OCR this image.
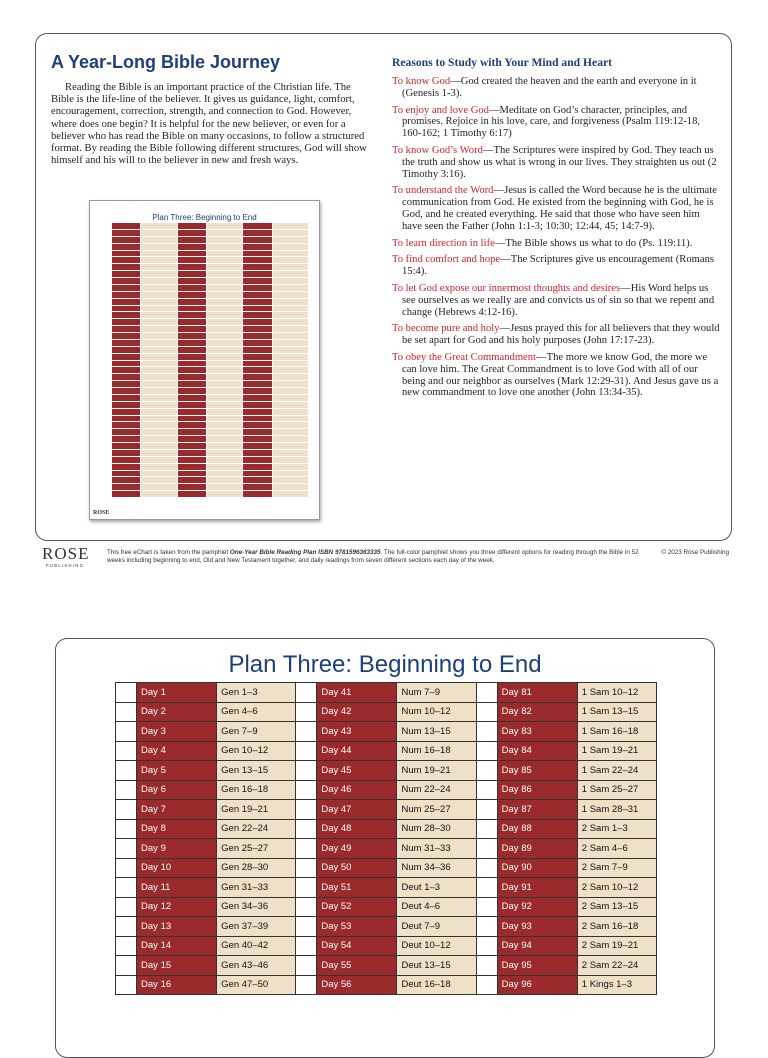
A Year-Long Bible Journey

Reading the Bible is an important practice of the Christian life. The Bible is the life-line of the believer. It gives us guidance, light, comfort, encouragement, correction, strength, and connection to God. However, where does one begin? It is helpful for the new believer, or even for a believer who has read the Bible on many occasions, to follow a structured format. By reading the Bible following different structures, God will show himself and his will to the believer in new and fresh ways.

Plan Three: Beginning to End
ROSE
Reasons to Study with Your Mind and Heart

To know God—God created the heaven and the earth and everyone in it (Genesis 1-3).

To enjoy and love God—Meditate on God’s character, principles, and promises. Rejoice in his love, care, and forgiveness (Psalm 119:12-18, 160-162; 1 Timothy 6:17)

To know God’s Word—The Scriptures were inspired by God. They teach us the truth and show us what is wrong in our lives. They straighten us out (2 Timothy 3:16).

To understand the Word—Jesus is called the Word because he is the ultimate communication from God. He existed from the beginning with God, he is God, and he created everything. He said that those who have seen him have seen the Father (John 1:1-3; 10:30; 12:44, 45; 14:7-9).

To learn direction in life—The Bible shows us what to do (Ps. 119:11).

To find comfort and hope—The Scriptures give us encouragement (Romans 15:4).

To let God expose our innermost thoughts and desires—His Word helps us see ourselves as we really are and convicts us of sin so that we repent and change (Hebrews 4:12-16).

To become pure and holy—Jesus prayed this for all believers that they would be set apart for God and his holy purposes (John 17:17-23).

To obey the Great Commandment—The more we know God, the more we can love him. The Great Commandment is to love God with all of our being and our neighbor as ourselves (Mark 12:29-31). And Jesus gave us a new commandment to love one another (John 13:34-35).

ROSE
PUBLISHING
This free eChart is taken from the pamphlet One-Year Bible Reading Plan ISBN 9781596363335. The full-color pamphlet shows you three different options for reading through the Bible in 52 weeks including beginning to end, Old and New Testament together, and daily readings from seven different sections each day of the week.
© 2023 Rose Publishing
Plan Three: Beginning to End
	Day 1	Gen 1–3		Day 41	Num 7–9		Day 81	1 Sam 10–12
	Day 2	Gen 4–6		Day 42	Num 10–12		Day 82	1 Sam 13–15
	Day 3	Gen 7–9		Day 43	Num 13–15		Day 83	1 Sam 16–18
	Day 4	Gen 10–12		Day 44	Num 16–18		Day 84	1 Sam 19–21
	Day 5	Gen 13–15		Day 45	Num 19–21		Day 85	1 Sam 22–24
	Day 6	Gen 16–18		Day 46	Num 22–24		Day 86	1 Sam 25–27
	Day 7	Gen 19–21		Day 47	Num 25–27		Day 87	1 Sam 28–31
	Day 8	Gen 22–24		Day 48	Num 28–30		Day 88	2 Sam 1–3
	Day 9	Gen 25–27		Day 49	Num 31–33		Day 89	2 Sam 4–6
	Day 10	Gen 28–30		Day 50	Num 34–36		Day 90	2 Sam 7–9
	Day 11	Gen 31–33		Day 51	Deut 1–3		Day 91	2 Sam 10–12
	Day 12	Gen 34–36		Day 52	Deut 4–6		Day 92	2 Sam 13–15
	Day 13	Gen 37–39		Day 53	Deut 7–9		Day 93	2 Sam 16–18
	Day 14	Gen 40–42		Day 54	Deut 10–12		Day 94	2 Sam 19–21
	Day 15	Gen 43–46		Day 55	Deut 13–15		Day 95	2 Sam 22–24
	Day 16	Gen 47–50		Day 56	Deut 16–18		Day 96	1 Kings 1–3
